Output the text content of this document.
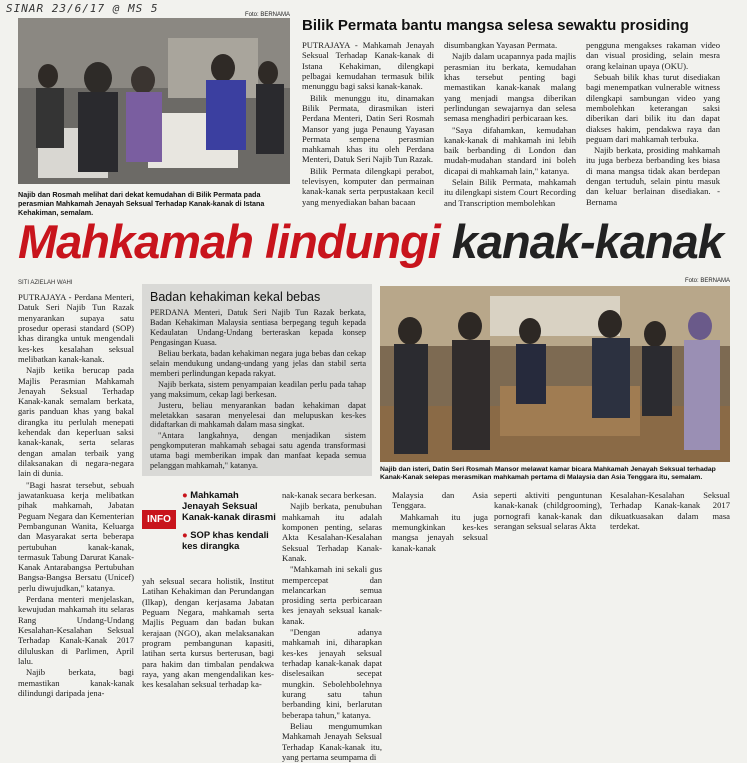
SINAR 23/6/17 @ MS 5	Foto: BERNAMA
Najib dan Rosmah melihat dari dekat kemudahan di Bilik Permata pada perasmian Mahkamah Jenayah Seksual Terhadap Kanak-kanak di Istana Kehakiman, semalam.
Bilik Permata bantu mangsa selesa sewaktu prosiding

PUTRAJAYA - Mahkamah Jenayah Seksual Terhadap Kanak-kanak di Istana Kehakiman, dilengkapi pelbagai kemudahan termasuk bilik menunggu bagi saksi kanak-kanak.

Bilik menunggu itu, dinamakan Bilik Permata, dirasmikan isteri Perdana Menteri, Datin Seri Rosmah Mansor yang juga Penaung Yayasan Permata sempena perasmian mahkamah khas itu oleh Perdana Menteri, Datuk Seri Najib Tun Razak.

Bilik Permata dilengkapi perabot, televisyen, komputer dan permainan kanak-kanak serta perpustakaan kecil yang menyediakan bahan bacaan

disumbangkan Yayasan Permata.

Najib dalam ucapannya pada majlis perasmian itu berkata, kemudahan khas tersebut penting bagi memastikan kanak-kanak malang yang menjadi mangsa diberikan perlindungan sewajarnya dan selesa semasa menghadiri perbicaraan kes.

"Saya difahamkan, kemudahan kanak-kanak di mahkamah ini lebih baik berbanding di London dan mudah-mudahan standard ini boleh dicapai di mahkamah lain," katanya.

Selain Bilik Permata, mahkamah itu dilengkapi sistem Court Recording and Transcription membolehkan

pengguna mengakses rakaman video dan visual prosiding, selain mesra orang kelainan upaya (OKU).

Sebuah bilik khas turut disediakan bagi menempatkan vulnerable witness dilengkapi sambungan video yang membolehkan keterangan saksi diberikan dari bilik itu dan dapat diakses hakim, pendakwa raya dan peguam dari mahkamah terbuka.

Najib berkata, prosiding mahkamah itu juga berbeza berbanding kes biasa di mana mangsa tidak akan berdepan dengan tertuduh, selain pintu masuk dan keluar berlainan disediakan. - Bernama

Mahkamah lindungi kanak-kanak
SITI AZIELAH WAHI

PUTRAJAYA - Perdana Menteri, Datuk Seri Najib Tun Razak menyarankan supaya satu prosedur operasi standard (SOP) khas dirangka untuk mengendali kes-kes kesalahan seksual melibatkan kanak-kanak.

Najib ketika berucap pada Majlis Perasmian Mahkamah Jenayah Seksual Terhadap Kanak-kanak semalam berkata, garis panduan khas yang bakal dirangka itu perlulah menepati kehendak dan keperluan saksi kanak-kanak, serta selaras dengan amalan terbaik yang dilaksanakan di negara-negara lain di dunia.

"Bagi hasrat tersebut, sebuah jawatankuasa kerja melibatkan pihak mahkamah, Jabatan Peguam Negara dan Kementerian Pembangunan Wanita, Keluarga dan Masyarakat serta beberapa pertubuhan kanak-kanak, termasuk Tabung Darurat Kanak-Kanak Antarabangsa Pertubuhan Bangsa-Bangsa Bersatu (Unicef) perlu diwujudkan," katanya.

Perdana menteri menjelaskan, kewujudan mahkamah itu selaras Rang Undang-Undang Kesalahan-Kesalahan Seksual Terhadap Kanak-Kanak 2017 diluluskan di Parlimen, April lalu.

Najib berkata, bagi memastikan kanak-kanak dilindungi daripada jena-

Badan kehakiman kekal bebas

PERDANA Menteri, Datuk Seri Najib Tun Razak berkata, Badan Kehakiman Malaysia sentiasa berpegang teguh kepada Kedaulatan Undang-Undang berteraskan kepada konsep Pengasingan Kuasa.

Beliau berkata, badan kehakiman negara juga bebas dan cekap selain mendukung undang-undang yang jelas dan stabil serta memberi perlindungan kepada rakyat.

Najib berkata, sistem penyampaian keadilan perlu pada tahap yang maksimum, cekap lagi berkesan.

Justeru, beliau menyarankan badan kehakiman dapat meletakkan sasaran menyelesai dan melupuskan kes-kes didaftarkan di mahkamah dalam masa singkat.

"Antara langkahnya, dengan menjadikan sistem pengkomputeran mahkamah sebagai satu agenda transformasi utama bagi memberikan impak dan manfaat kepada semua pelanggan mahkamah," katanya.

INFO
● Mahkamah Jenayah Seksual Kanak-kanak dirasmi
● SOP khas kendali kes dirangka

yah seksual secara holistik, Institut Latihan Kehakiman dan Perundangan (Ilkap), dengan kerjasama Jabatan Peguam Negara, mahkamah serta Majlis Peguam dan badan bukan kerajaan (NGO), akan melaksanakan program pembangunan kapasiti, latihan serta kursus berterusan, bagi para hakim dan timbalan pendakwa raya, yang akan mengendalikan kes-kes kesalahan seksual terhadap ka-

nak-kanak secara berkesan.

Najib berkata, penubuhan mahkamah itu adalah komponen penting, selaras Akta Kesalahan-Kesalahan Seksual Terhadap Kanak-Kanak.

"Mahkamah ini sekali gus mempercepat dan melancarkan semua prosiding serta perbicaraan kes jenayah seksual kanak-kanak.

"Dengan adanya mahkamah ini, diharapkan kes-kes jenayah seksual terhadap kanak-kanak dapat diselesaikan secepat mungkin. Sebolehbolehnya kurang satu tahun berbanding kini, berlarutan beberapa tahun," katanya.

Beliau mengumumkan Mahkamah Jenayah Seksual Terhadap Kanak-kanak itu, yang pertama seumpama di

Foto: BERNAMA
Najib dan isteri, Datin Seri Rosmah Mansor melawat kamar bicara Mahkamah Jenayah Seksual terhadap Kanak-Kanak selepas merasmikan mahkamah pertama di Malaysia dan Asia Tenggara itu, semalam.

Malaysia dan Asia Tenggara.

Mahkamah itu juga memungkinkan kes-kes mangsa jenayah seksual kanak-kanak

seperti aktiviti penguntunan kanak-kanak (childgrooming), pornografi kanak-kanak dan serangan seksual selaras Akta

Kesalahan-Kesalahan Seksual Terhadap Kanak-kanak 2017 dikuatkuasakan dalam masa terdekat.
